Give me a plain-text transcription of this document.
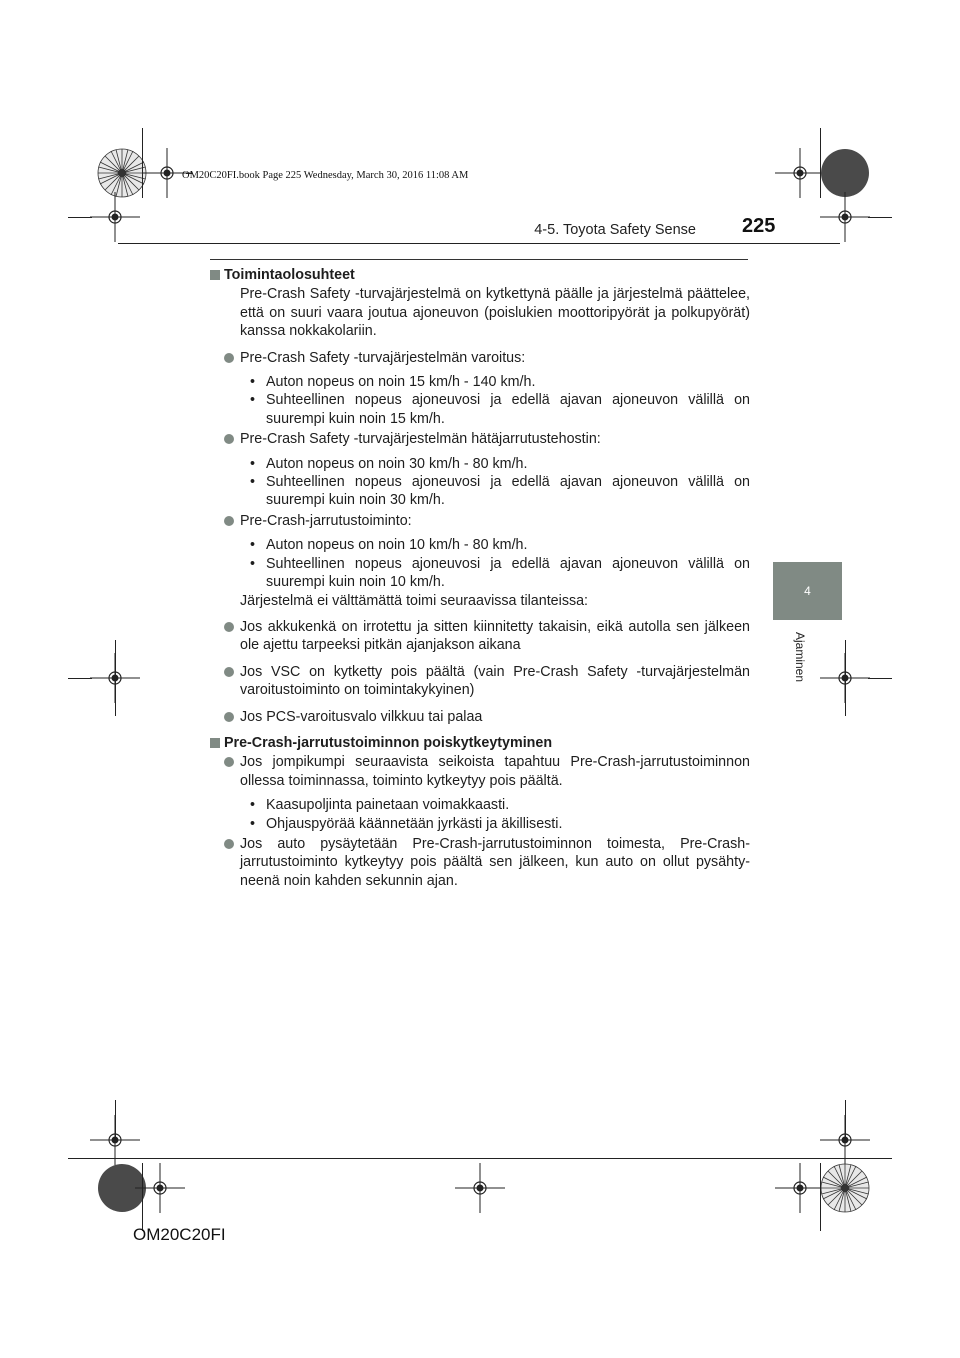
OM20C20FI.book Page 225 Wednesday, March 30, 2016 11:08 AM
4-5. Toyota Safety Sense 225
4
Ajaminen
Toimintaolosuhteet
Pre-Crash Safety -turvajärjestelmä on kytkettynä päälle ja järjestelmä päättelee, että on suuri vaara joutua ajoneuvon (poislukien moottoripyörät ja polkupyörät) kanssa nokkakolariin.
Pre-Crash Safety -turvajärjestelmän varoitus:
• Auton nopeus on noin 15 km/h - 140 km/h.
• Suhteellinen nopeus ajoneuvosi ja edellä ajavan ajoneuvon välillä on suurempi kuin noin 15 km/h.
Pre-Crash Safety -turvajärjestelmän hätäjarrutustehostin:
• Auton nopeus on noin 30 km/h - 80 km/h.
• Suhteellinen nopeus ajoneuvosi ja edellä ajavan ajoneuvon välillä on suurempi kuin noin 30 km/h.
Pre-Crash-jarrutustoiminto:
• Auton nopeus on noin 10 km/h - 80 km/h.
• Suhteellinen nopeus ajoneuvosi ja edellä ajavan ajoneuvon välillä on suurempi kuin noin 10 km/h.
Järjestelmä ei välttämättä toimi seuraavissa tilanteissa:
Jos akkukenkä on irrotettu ja sitten kiinnitetty takaisin, eikä autolla sen jälkeen ole ajettu tarpeeksi pitkän ajanjakson aikana
Jos VSC on kytketty pois päältä (vain Pre-Crash Safety -turvajärjestelmän varoitustoiminto on toimintakykyinen)
Jos PCS-varoitusvalo vilkkuu tai palaa
Pre-Crash-jarrutustoiminnon poiskytkeytyminen
Jos jompikumpi seuraavista seikoista tapahtuu Pre-Crash-jarrutustoiminnon ollessa toiminnassa, toiminto kytkeytyy pois päältä.
• Kaasupoljinta painetaan voimakkaasti.
• Ohjauspyörää käännetään jyrkästi ja äkillisesti.
Jos auto pysäytetään Pre-Crash-jarrutustoiminnon toimesta, Pre-Crash-jarrutustoiminto kytkeytyy pois päältä sen jälkeen, kun auto on ollut pysähty-neenä noin kahden sekunnin ajan.
OM20C20FI
